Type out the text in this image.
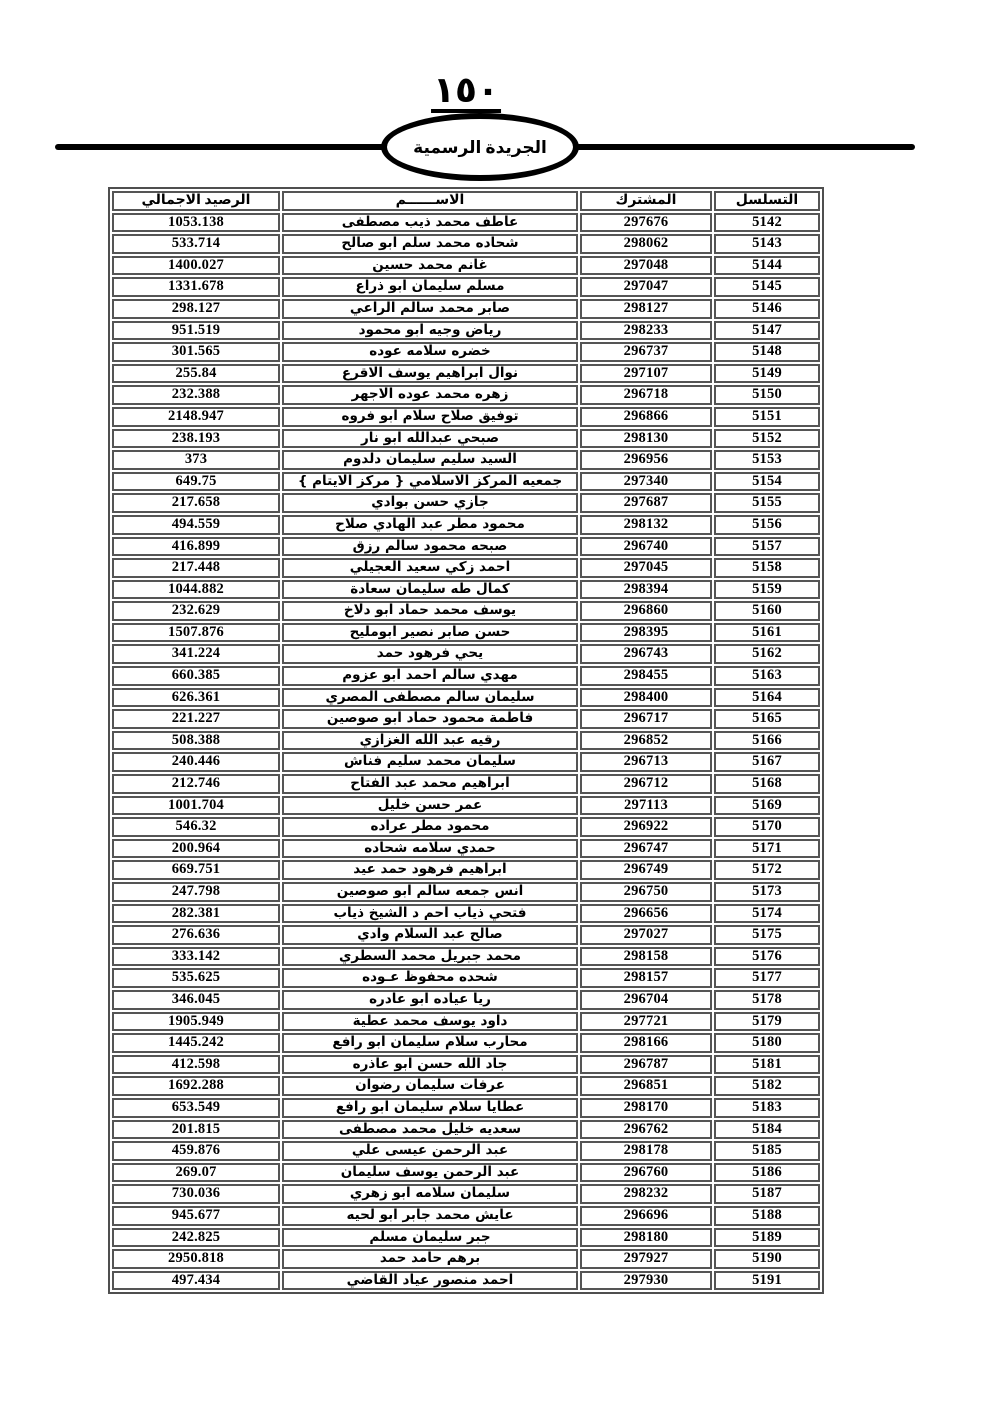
١٥٠
الجريدة الرسمية
التسلسل	المشترك	الاســــــم	الرصيد الاجمالي
5142	297676	عاطف محمد ذيب مصطفى	1053.138
5143	298062	شحاده محمد سلم ابو صالح	533.714
5144	297048	غانم محمد حسين	1400.027
5145	297047	مسلم سليمان ابو ذراع	1331.678
5146	298127	صابر محمد سالم الراعي	298.127
5147	298233	رياض وجيه ابو محمود	951.519
5148	296737	خضره سلامه عوده	301.565
5149	297107	نوال ابراهيم يوسف الاقرع	255.84
5150	296718	زهره محمد عوده الاجهر	232.388
5151	296866	توفيق صلاح سلام ابو فروه	2148.947
5152	298130	صبحي عبدالله ابو نار	238.193
5153	296956	السيد سليم سليمان دلدوم	373
5154	297340	جمعيه المركز الاسلامي { مركز الايتام }	649.75
5155	297687	جازي حسن بوادي	217.658
5156	298132	محمود مطر عبد الهادي صلاح	494.559
5157	296740	صبحه محمود سالم رزق	416.899
5158	297045	احمد زكي سعيد العجيلي	217.448
5159	298394	كمال طه سليمان سعادة	1044.882
5160	296860	يوسف محمد حماد ابو دلاخ	232.629
5161	298395	حسن صابر نصير ابومليح	1507.876
5162	296743	يحي فرهود حمد	341.224
5163	298455	مهدي سالم احمد ابو عزوم	660.385
5164	298400	سليمان سالم مصطفى المصري	626.361
5165	296717	فاطمة محمود حماد ابو صوصين	221.227
5166	296852	رقيه عبد الله الغزازي	508.388
5167	296713	سليمان محمد سليم فناش	240.446
5168	296712	ابراهيم محمد عبد الفتاح	212.746
5169	297113	عمر حسن خليل	1001.704
5170	296922	محمود مطر عراده	546.32
5171	296747	حمدي سلامه شحاده	200.964
5172	296749	ابراهيم فرهود حمد عيد	669.751
5173	296750	انس جمعه سالم ابو صوصين	247.798
5174	296656	فتحي ذياب احم د الشيخ ذياب	282.381
5175	297027	صالح عبد السلام وادي	276.636
5176	298158	محمد جبريل محمد السطري	333.142
5177	298157	شحده محفوظ عـوده	535.625
5178	296704	ريا عياده ابو عادره	346.045
5179	297721	داود يوسف محمد عطية	1905.949
5180	298166	محارب سلام سليمان ابو رافع	1445.242
5181	296787	جاد الله حسن ابو عاذره	412.598
5182	296851	عرفات سليمان رضوان	1692.288
5183	298170	عطايا سلام سليمان ابو رافع	653.549
5184	296762	سعديه خليل محمد مصطفى	201.815
5185	298178	عبد الرحمن عيسى علي	459.876
5186	296760	عبد الرحمن يوسف سليمان	269.07
5187	298232	سليمان سلامه ابو زهري	730.036
5188	296696	عايش محمد جابر ابو لحيه	945.677
5189	298180	جبر سليمان مسلم	242.825
5190	297927	برهم حامد حمد	2950.818
5191	297930	احمد منصور عياد القاضي	497.434
